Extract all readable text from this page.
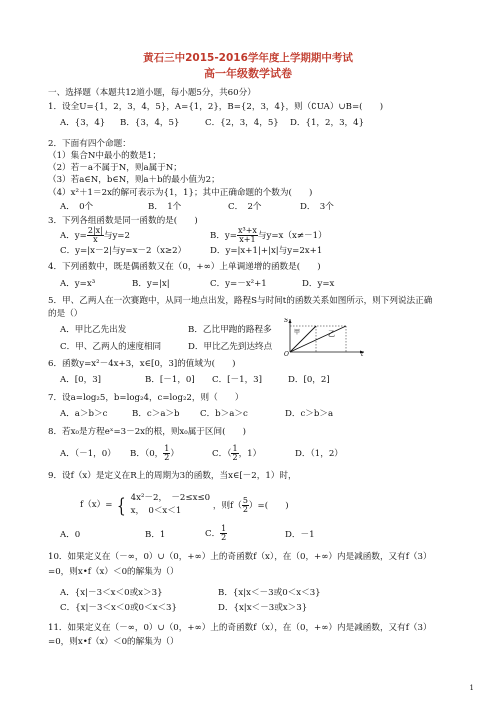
黄石三中2015-2016学年度上学期期中考试
高一年级数学试卷
一、选择题（本题共12道小题，每小题5分，共60分）
1．设全U={1，2，3，4，5}，A={1，2}，B={2，3，4}，则（∁UA）∪B=(　　)
A．{3，4} B．{3，4，5}	C．{2，3，4，5} D．{1，2，3，4}
2．下面有四个命题：
（1）集合N中最小的数是1；
（2）若－a不属于N，则a属于N；
（3）若a∈N，b∈N，则a＋b的最小值为2；
（4）x²＋1＝2x的解可表示为{1，1}；其中正确命题的个数为(　　)
A．　0个	B．　1个	C．　2个	D．　3个
3．下列各组函数是同一函数的是(　　)
A．$y= \frac{2|x|}{x}$ 与y=2	B．$y= \frac{\text{x³+x}}{x+1}$ 与y=x（x≠－1）
C．y=|x－2|与y=x－2（x≥2）	D．y=|x+1|+|x|与y=2x+1
4．下列函数中，既是偶函数又在（0，+∞）上单调递增的函数是(　　)
A．y=x³	B．y=|x|	C．y=－x²+1	D．y=x
5．甲、乙两人在一次赛跑中，从同一地点出发，路程S与时间t的函数关系如图所示，则下列说法正确
的是（）
A．甲比乙先出发	B．乙比甲跑的路程多
C．甲、乙两人的速度相同	D．甲比乙先到达终点
S
甲	乙
O	t
6．函数y=x²－4x+3，x∈[0，3]的值域为(　　)
A．[0，3]	B．[－1，0] C．[－1，3]	D．[0，2]
7．设a=log₂5，b=log₂4，c=log₂2，则（　　）
A．a＞b＞c	B．c＞a＞b C．b＞a＞c	D．c＞b＞a
8．若x₀是方程eˣ=3－2x的根，则x₀属于区间(　　)
A．（－1，0） B．（0， $\frac{1}{2}$ ）	C．（ $\frac{1}{2}$ ，1）	D．（1，2）
9．设f（x）是定义在R上的周期为3的函数，当x∈[－2，1）时，
f（x）= { 4x²－2，　－2≤x≤0
x，　0＜x＜1
，则$f( \frac{5}{2}$ ）=(　　)
A．0	B．1	C． $\frac{1}{2}$	D．－1
10．如果定义在（－∞，0）∪（0，+∞）上的奇函数f（x），在（0，+∞）内是减函数，又有f（3）
=0，则x•f（x）＜0的解集为（）
A．{x|－3＜x＜0或x＞3}	B．{x|x＜－3或0＜x＜3}
C．{x|－3＜x＜0或0＜x＜3}	D．{x|x＜－3或x＞3}
11．如果定义在（－∞，0）∪（0，+∞）上的奇函数f（x），在（0，+∞）内是减函数，又有f（3）
=0，则x•f（x）＜0的解集为（）
1
